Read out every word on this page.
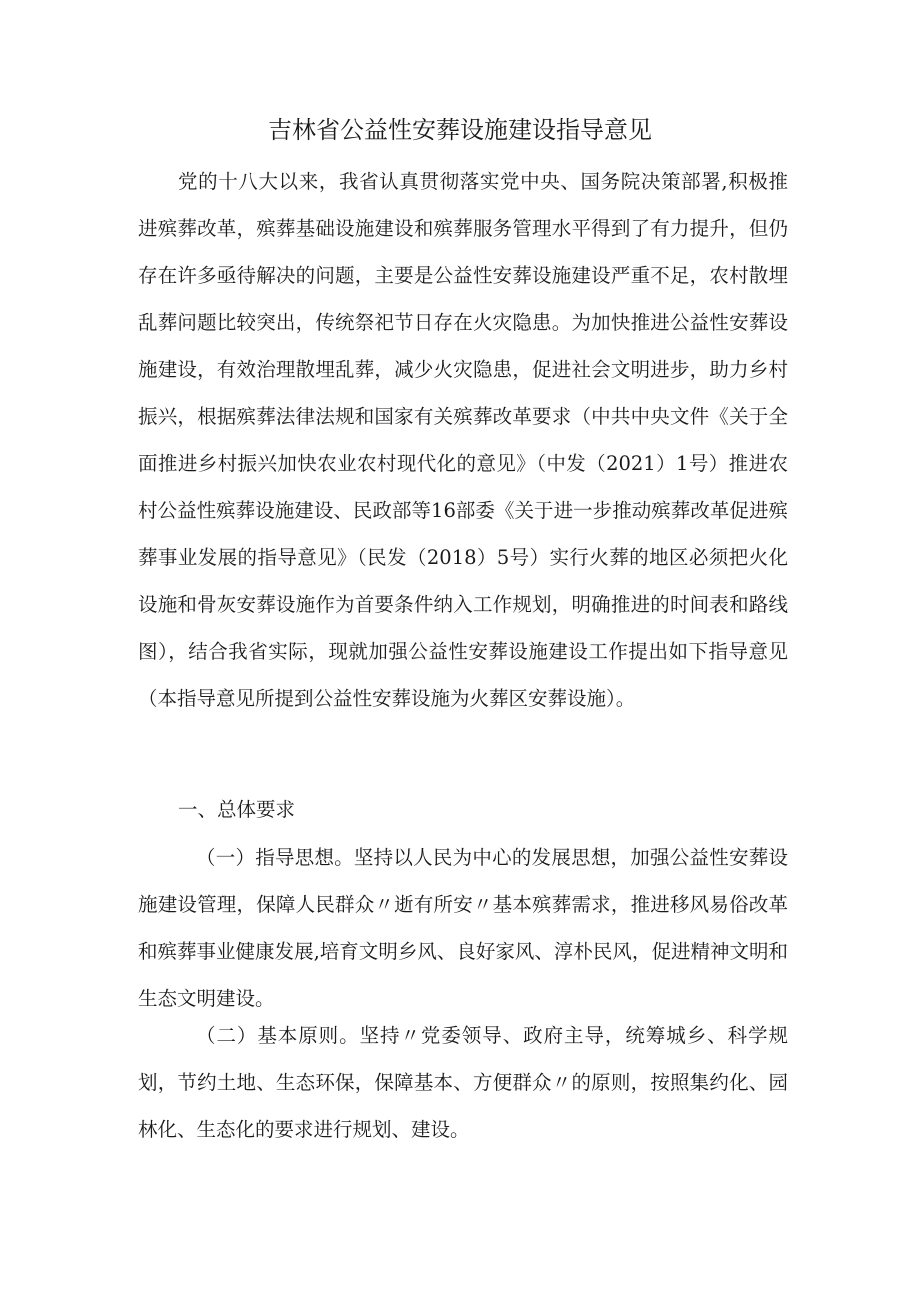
吉林省公益性安葬设施建设指导意见
党的十八大以来，我省认真贯彻落实党中央、国务院决策部署,积极推进殡葬改革，殡葬基础设施建设和殡葬服务管理水平得到了有力提升，但仍存在许多亟待解决的问题，主要是公益性安葬设施建设严重不足，农村散埋乱葬问题比较突出，传统祭祀节日存在火灾隐患。为加快推进公益性安葬设施建设，有效治理散埋乱葬，减少火灾隐患，促进社会文明进步，助力乡村振兴，根据殡葬法律法规和国家有关殡葬改革要求（中共中央文件《关于全面推进乡村振兴加快农业农村现代化的意见》（中发（2021）1号）推进农村公益性殡葬设施建设、民政部等16部委《关于进一步推动殡葬改革促进殡葬事业发展的指导意见》（民发（2018）5号）实行火葬的地区必须把火化设施和骨灰安葬设施作为首要条件纳入工作规划，明确推进的时间表和路线图），结合我省实际，现就加强公益性安葬设施建设工作提出如下指导意见（本指导意见所提到公益性安葬设施为火葬区安葬设施）。
一、总体要求
（一）指导思想。坚持以人民为中心的发展思想，加强公益性安葬设施建设管理，保障人民群众〃逝有所安〃基本殡葬需求，推进移风易俗改革和殡葬事业健康发展,培育文明乡风、良好家风、淳朴民风，促进精神文明和生态文明建设。
（二）基本原则。坚持〃党委领导、政府主导，统筹城乡、科学规划，节约土地、生态环保，保障基本、方便群众〃的原则，按照集约化、园林化、生态化的要求进行规划、建设。
